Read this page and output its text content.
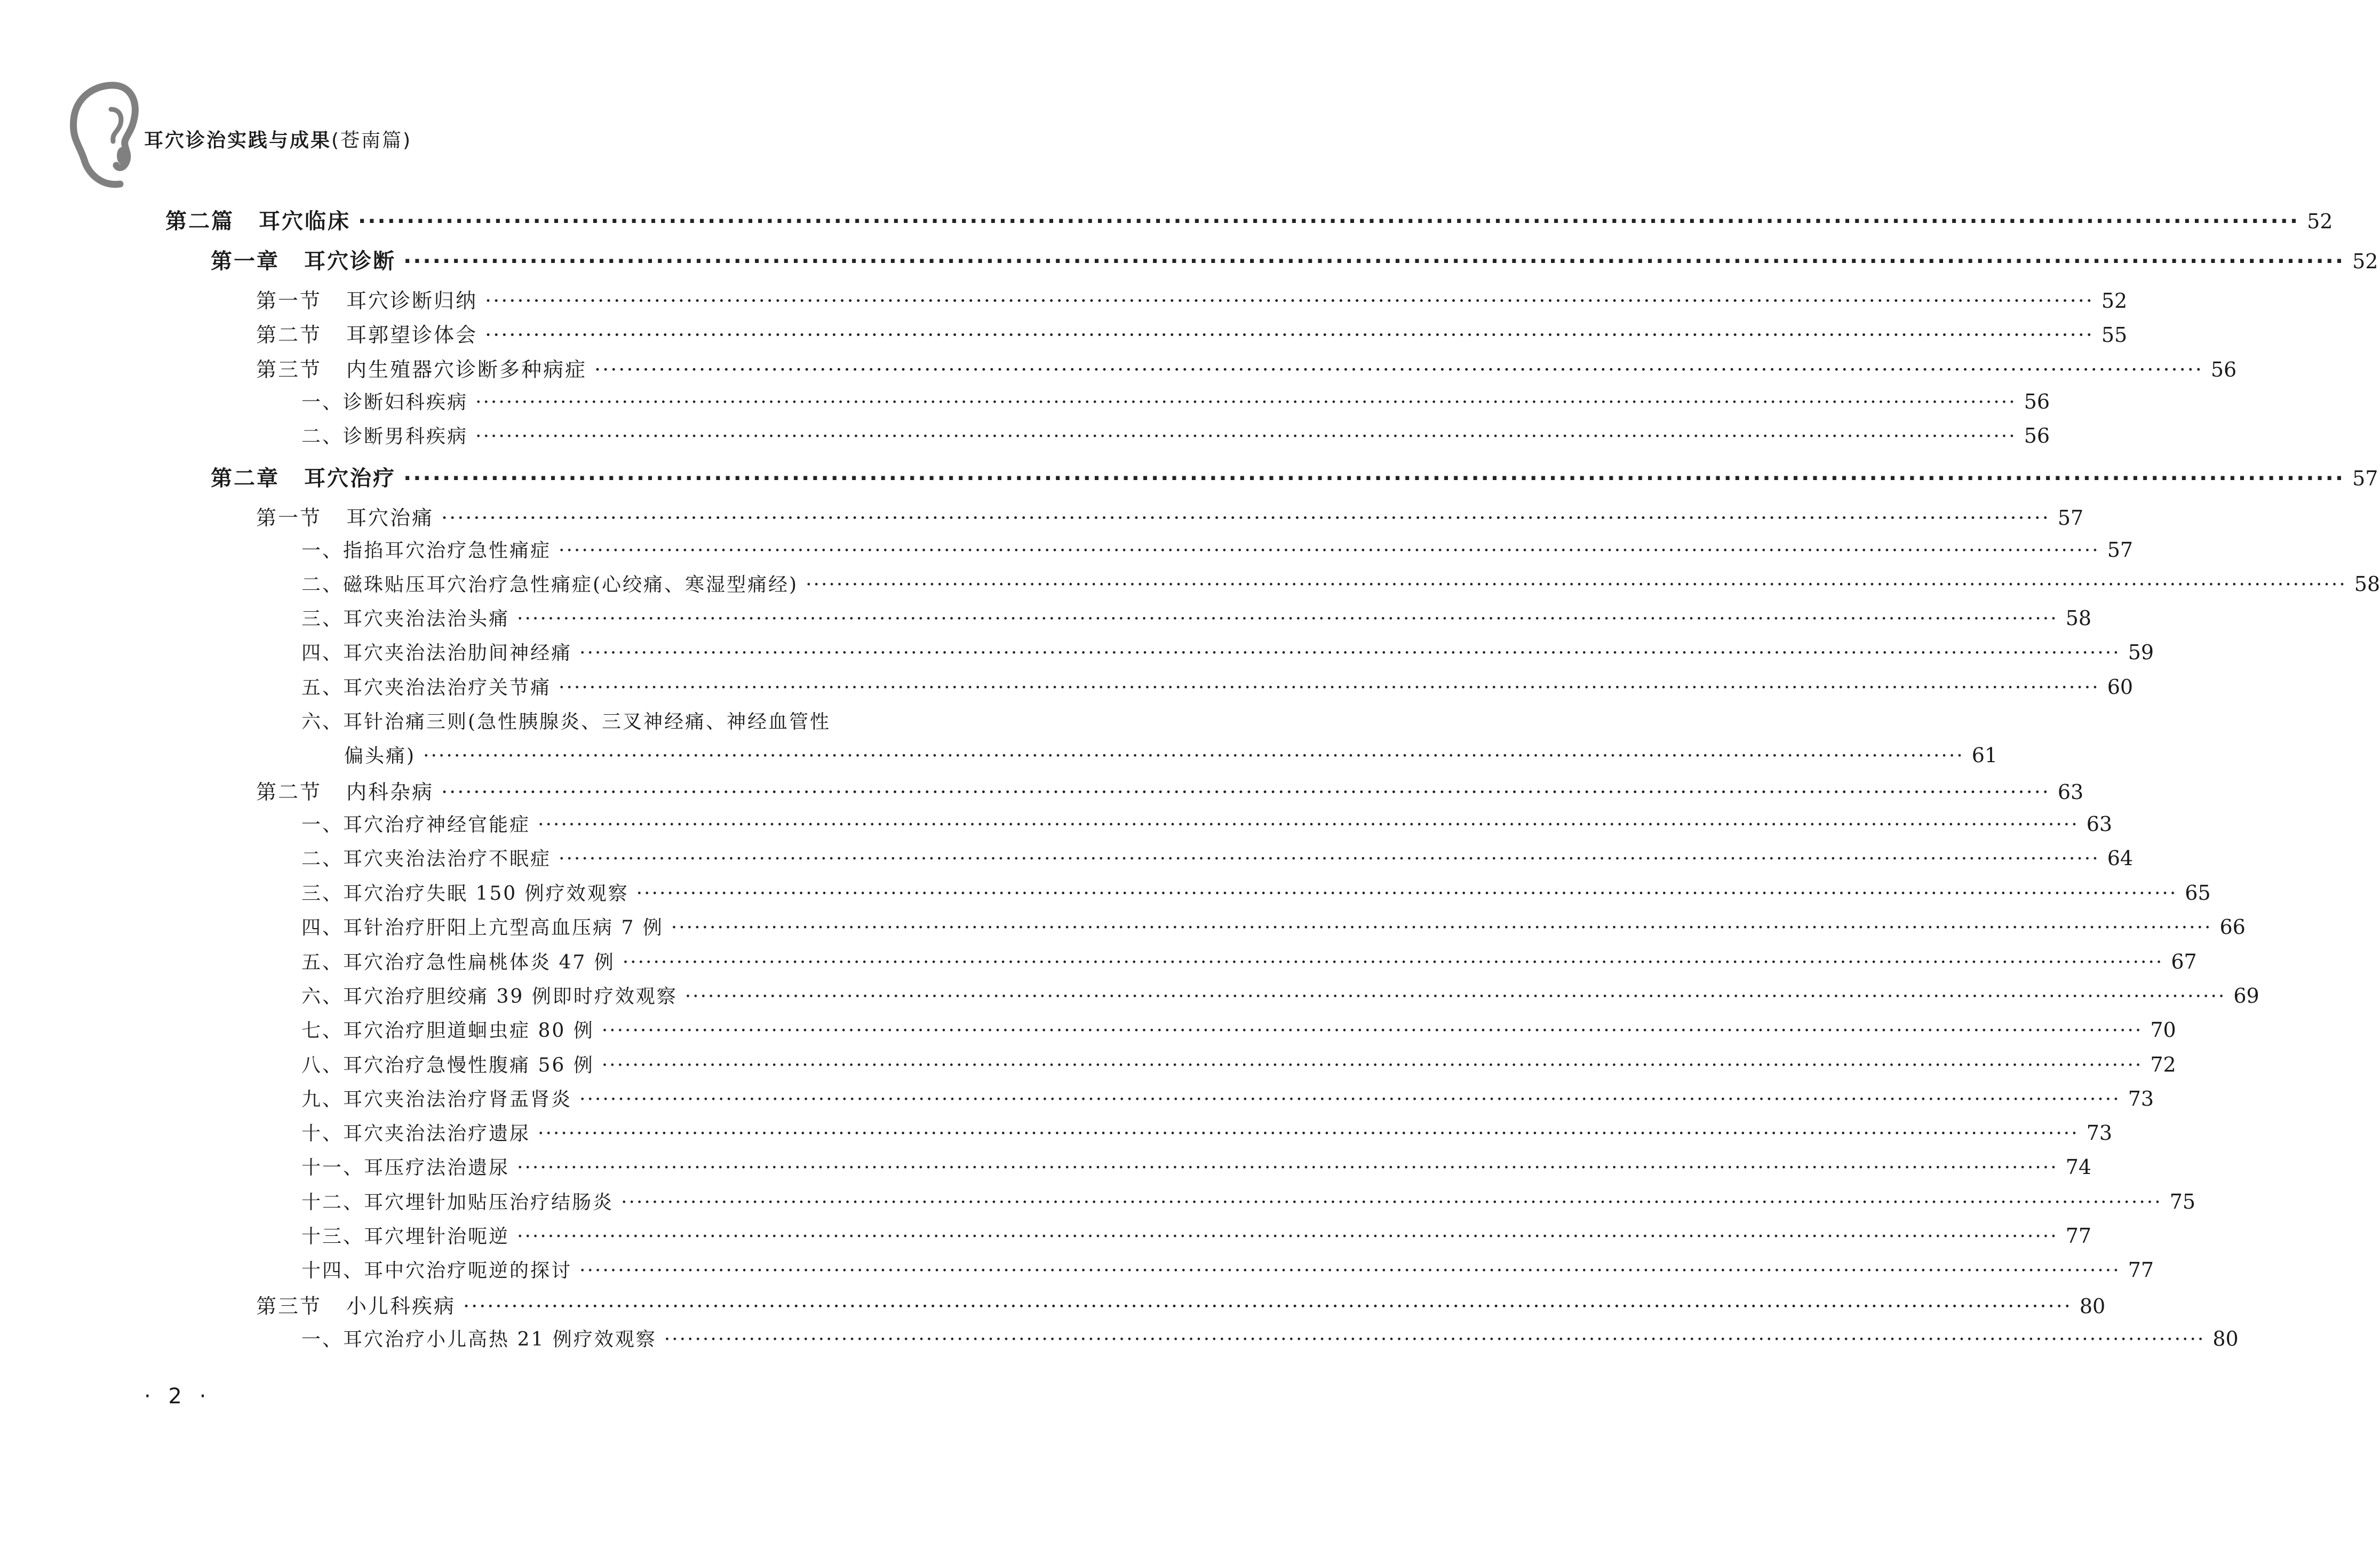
耳穴诊治实践与成果(苍南篇)
第二篇 耳穴临床 ········································································································································································································ 52
第一章 耳穴诊断 ········································································································································································································ 52
第一节 耳穴诊断归纳 ········································································································································································································ 52
第二节 耳郭望诊体会 ········································································································································································································ 55
第三节 内生殖器穴诊断多种病症 ········································································································································································································ 56
一、诊断妇科疾病 ········································································································································································································ 56
二、诊断男科疾病 ········································································································································································································ 56
第二章 耳穴治疗 ········································································································································································································ 57
第一节 耳穴治痛 ········································································································································································································ 57
一、指掐耳穴治疗急性痛症 ········································································································································································································ 57
二、磁珠贴压耳穴治疗急性痛症(心绞痛、寒湿型痛经) ········································································································································································································ 58
三、耳穴夹治法治头痛 ········································································································································································································ 58
四、耳穴夹治法治肋间神经痛 ········································································································································································································ 59
五、耳穴夹治法治疗关节痛 ········································································································································································································ 60
六、耳针治痛三则(急性胰腺炎、三叉神经痛、神经血管性
偏头痛) ········································································································································································································ 61
第二节 内科杂病 ········································································································································································································ 63
一、耳穴治疗神经官能症 ········································································································································································································ 63
二、耳穴夹治法治疗不眠症 ········································································································································································································ 64
三、耳穴治疗失眠 150 例疗效观察 ········································································································································································································ 65
四、耳针治疗肝阳上亢型高血压病 7 例 ········································································································································································································ 66
五、耳穴治疗急性扁桃体炎 47 例 ········································································································································································································ 67
六、耳穴治疗胆绞痛 39 例即时疗效观察 ········································································································································································································ 69
七、耳穴治疗胆道蛔虫症 80 例 ········································································································································································································ 70
八、耳穴治疗急慢性腹痛 56 例 ········································································································································································································ 72
九、耳穴夹治法治疗肾盂肾炎 ········································································································································································································ 73
十、耳穴夹治法治疗遗尿 ········································································································································································································ 73
十一、耳压疗法治遗尿 ········································································································································································································ 74
十二、耳穴埋针加贴压治疗结肠炎 ········································································································································································································ 75
十三、耳穴埋针治呃逆 ········································································································································································································ 77
十四、耳中穴治疗呃逆的探讨 ········································································································································································································ 77
第三节 小儿科疾病 ········································································································································································································ 80
一、耳穴治疗小儿高热 21 例疗效观察 ········································································································································································································ 80
· 2 ·
